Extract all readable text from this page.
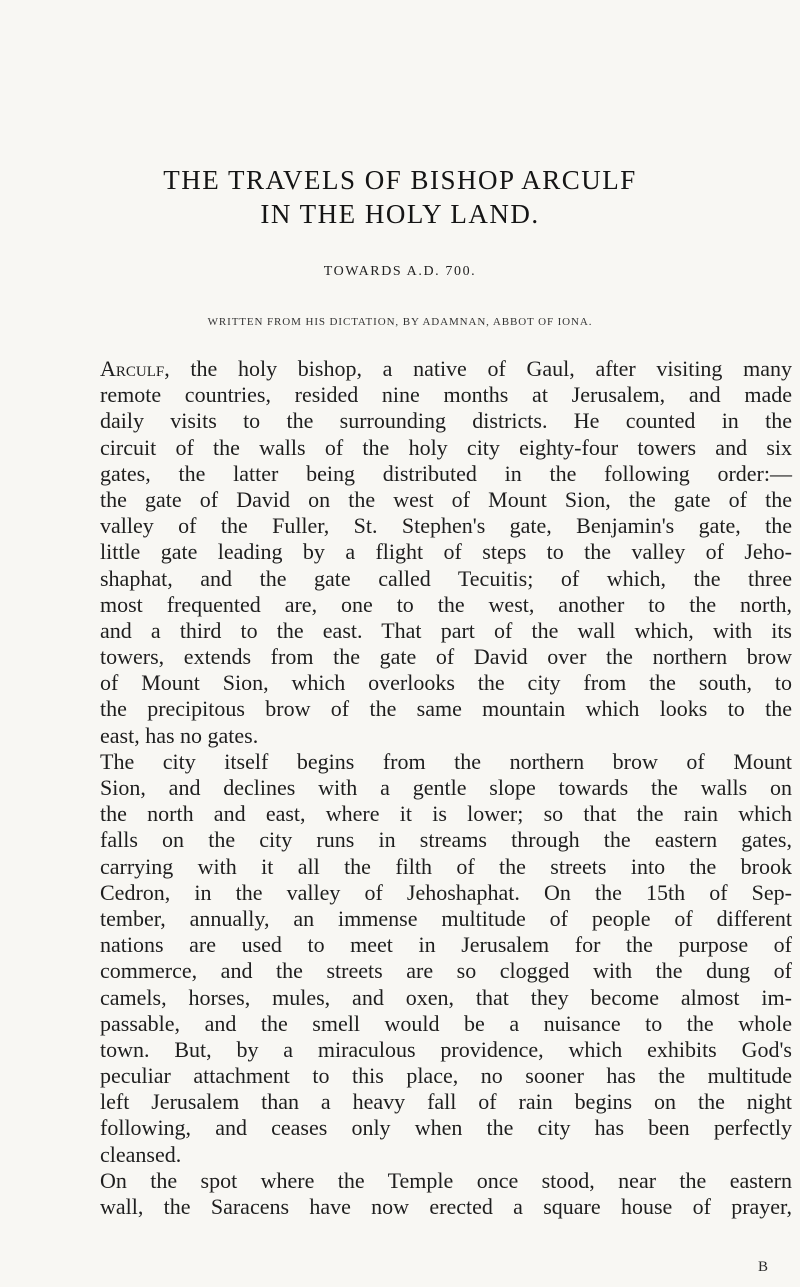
THE TRAVELS OF BISHOP ARCULF
IN THE HOLY LAND.
TOWARDS A.D. 700.
WRITTEN FROM HIS DICTATION, BY ADAMNAN, ABBOT OF IONA.
Arculf, the holy bishop, a native of Gaul, after visiting many
remote countries, resided nine months at Jerusalem, and made
daily visits to the surrounding districts. He counted in the
circuit of the walls of the holy city eighty-four towers and six
gates, the latter being distributed in the following order:—
the gate of David on the west of Mount Sion, the gate of the
valley of the Fuller, St. Stephen's gate, Benjamin's gate, the
little gate leading by a flight of steps to the valley of Jeho-
shaphat, and the gate called Tecuitis; of which, the three
most frequented are, one to the west, another to the north,
and a third to the east. That part of the wall which, with its
towers, extends from the gate of David over the northern brow
of Mount Sion, which overlooks the city from the south, to
the precipitous brow of the same mountain which looks to the
east, has no gates.
The city itself begins from the northern brow of Mount
Sion, and declines with a gentle slope towards the walls on
the north and east, where it is lower; so that the rain which
falls on the city runs in streams through the eastern gates,
carrying with it all the filth of the streets into the brook
Cedron, in the valley of Jehoshaphat. On the 15th of Sep-
tember, annually, an immense multitude of people of different
nations are used to meet in Jerusalem for the purpose of
commerce, and the streets are so clogged with the dung of
camels, horses, mules, and oxen, that they become almost im-
passable, and the smell would be a nuisance to the whole
town. But, by a miraculous providence, which exhibits God's
peculiar attachment to this place, no sooner has the multitude
left Jerusalem than a heavy fall of rain begins on the night
following, and ceases only when the city has been perfectly
cleansed.
On the spot where the Temple once stood, near the eastern
wall, the Saracens have now erected a square house of prayer,
B
